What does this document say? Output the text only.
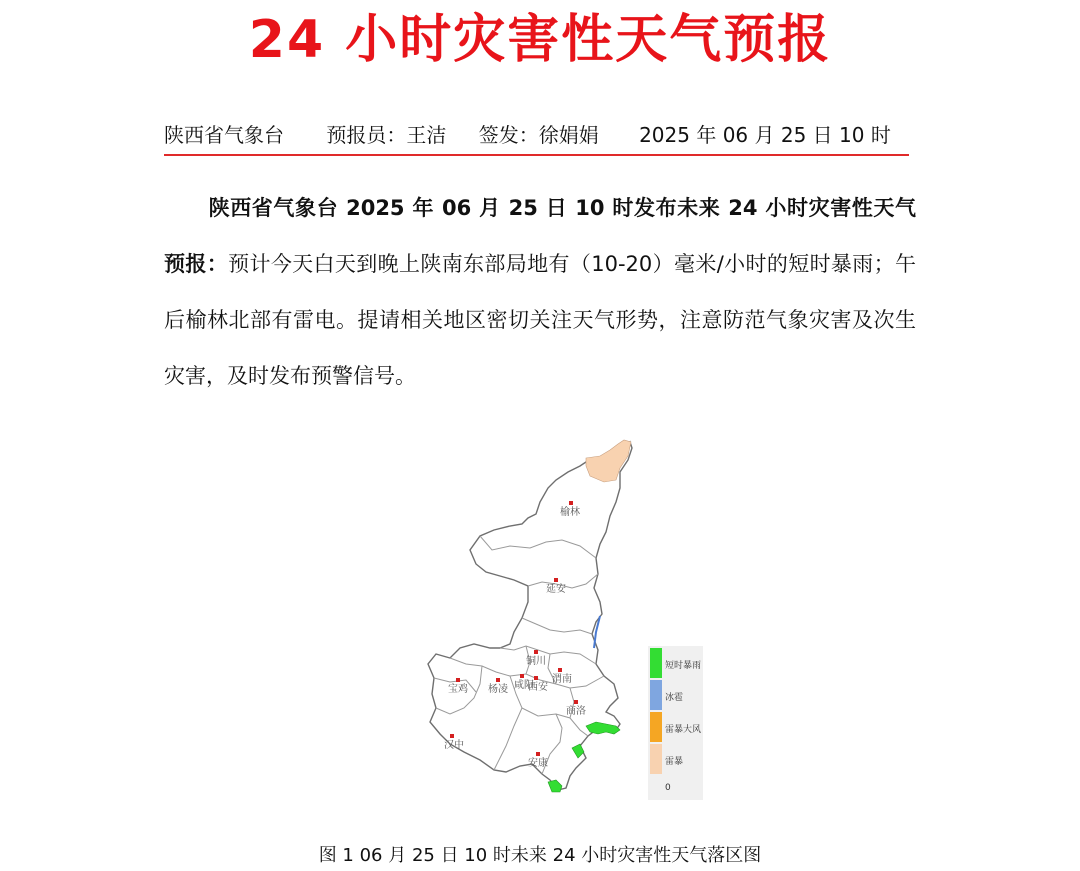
24 小时灾害性天气预报
陕西省气象台 预报员：王洁 签发：徐娟娟 2025 年 06 月 25 日 10 时
陕西省气象台 2025 年 06 月 25 日 10 时发布未来 24 小时灾害性天气预报：预计今天白天到晚上陕南东部局地有（10-20）毫米/小时的短时暴雨；午后榆林北部有雷电。提请相关地区密切关注天气形势，注意防范气象灾害及次生灾害，及时发布预警信号。
榆林
延安
铜川
宝鸡 杨凌 咸阳
西安
渭南
商洛
汉中
安康
短时暴雨
冰雹
雷暴大风
雷暴
0
图 1 06 月 25 日 10 时未来 24 小时灾害性天气落区图
